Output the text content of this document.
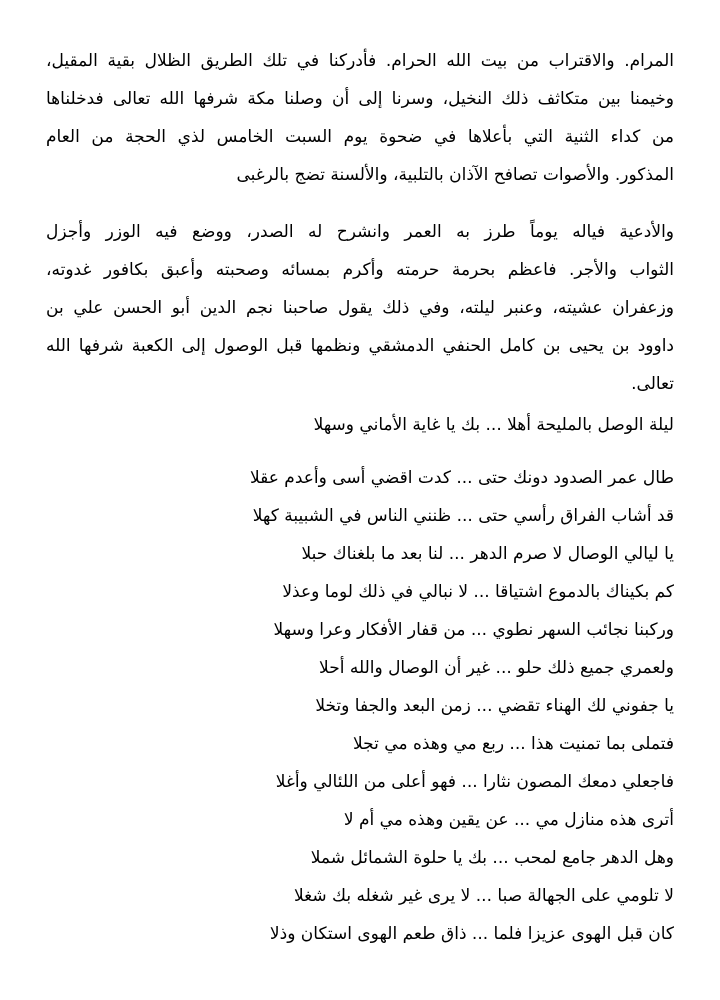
المرام. والاقتراب من بيت الله الحرام. فأدركنا في تلك الطريق الظلال بقية المقيل،
وخيمنا بين متكاثف ذلك النخيل، وسرنا إلى أن وصلنا مكة شرفها الله تعالى فدخلناها
من كداء الثنية التي بأعلاها في ضحوة يوم السبت الخامس لذي الحجة من العام
المذكور. والأصوات تصافح الآذان بالتلبية، والألسنة تضج بالرغبى
والأدعية فياله يوماً طرز به العمر وانشرح له الصدر، ووضع فيه الوزر وأجزل
الثواب والأجر. فاعظم بحرمة حرمته وأكرم بمسائه وصحبته وأعبق بكافور غدوته،
وزعفران عشيته، وعنبر ليلته، وفي ذلك يقول صاحبنا نجم الدين أبو الحسن علي بن
داوود بن يحيى بن كامل الحنفي الدمشقي ونظمها قبل الوصول إلى الكعبة شرفها الله
تعالى.
ليلة الوصل بالمليحة أهلا ... بك يا غاية الأماني وسهلا
طال عمر الصدود دونك حتى ... كدت اقضي أسى وأعدم عقلا
قد أشاب الفراق رأسي حتى ... ظنني الناس في الشبيبة كهلا
يا ليالي الوصال لا صرم الدهر ... لنا بعد ما بلغناك حبلا
كم بكيناك بالدموع اشتياقا ... لا نبالي في ذلك لوما وعذلا
وركبنا نجائب السهر نطوي ... من قفار الأفكار وعرا وسهلا
ولعمري جميع ذلك حلو ... غير أن الوصال والله أحلا
يا جفوني لك الهناء تقضي ... زمن البعد والجفا وتخلا
فتملى بما تمنيت هذا ... ربع مي وهذه مي تجلا
فاجعلي دمعك المصون نثارا ... فهو أعلى من اللئالي وأغلا
أترى هذه منازل مي ... عن يقين وهذه مي أم لا
وهل الدهر جامع لمحب ... بك يا حلوة الشمائل شملا
لا تلومي على الجهالة صبا ... لا يرى غير شغله بك شغلا
كان قبل الهوى عزيزا فلما ... ذاق طعم الهوى استكان وذلا
